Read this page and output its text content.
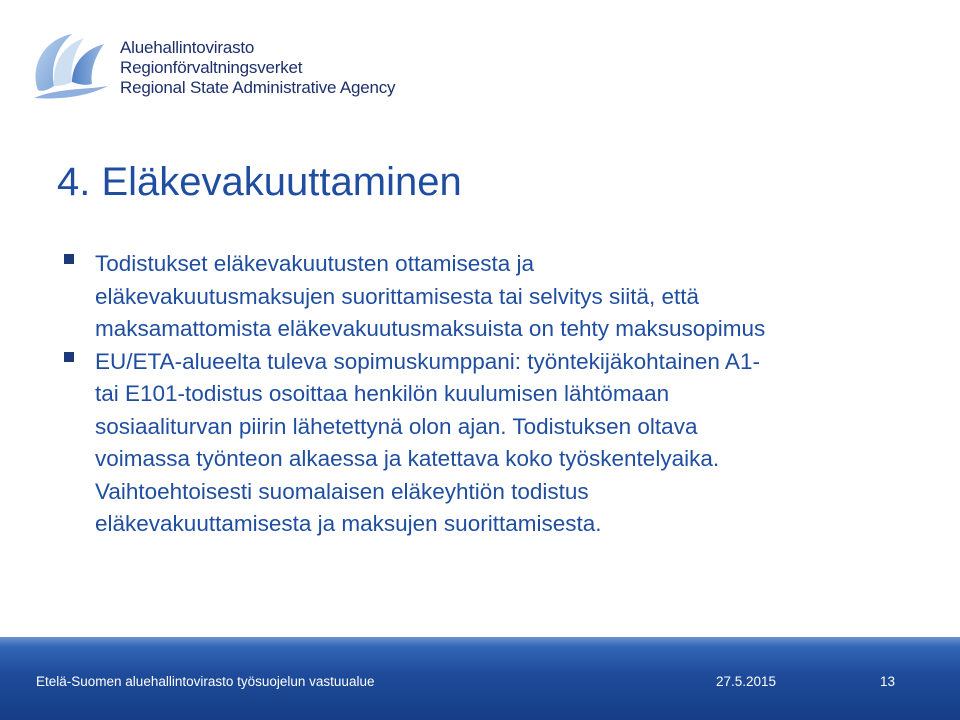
Aluehallintovirasto
Regionförvaltningsverket
Regional State Administrative Agency
4. Eläkevakuuttaminen
Todistukset eläkevakuutusten ottamisesta ja
eläkevakuutusmaksujen suorittamisesta tai selvitys siitä, että
maksamattomista eläkevakuutusmaksuista on tehty maksusopimus
EU/ETA-alueelta tuleva sopimuskumppani: työntekijäkohtainen A1-
tai E101-todistus osoittaa henkilön kuulumisen lähtömaan
sosiaaliturvan piirin lähetettynä olon ajan. Todistuksen oltava
voimassa työnteon alkaessa ja katettava koko työskentelyaika.
Vaihtoehtoisesti suomalaisen eläkeyhtiön todistus
eläkevakuuttamisesta ja maksujen suorittamisesta.
Etelä-Suomen aluehallintovirasto työsuojelun vastuualue	27.5.2015	13
